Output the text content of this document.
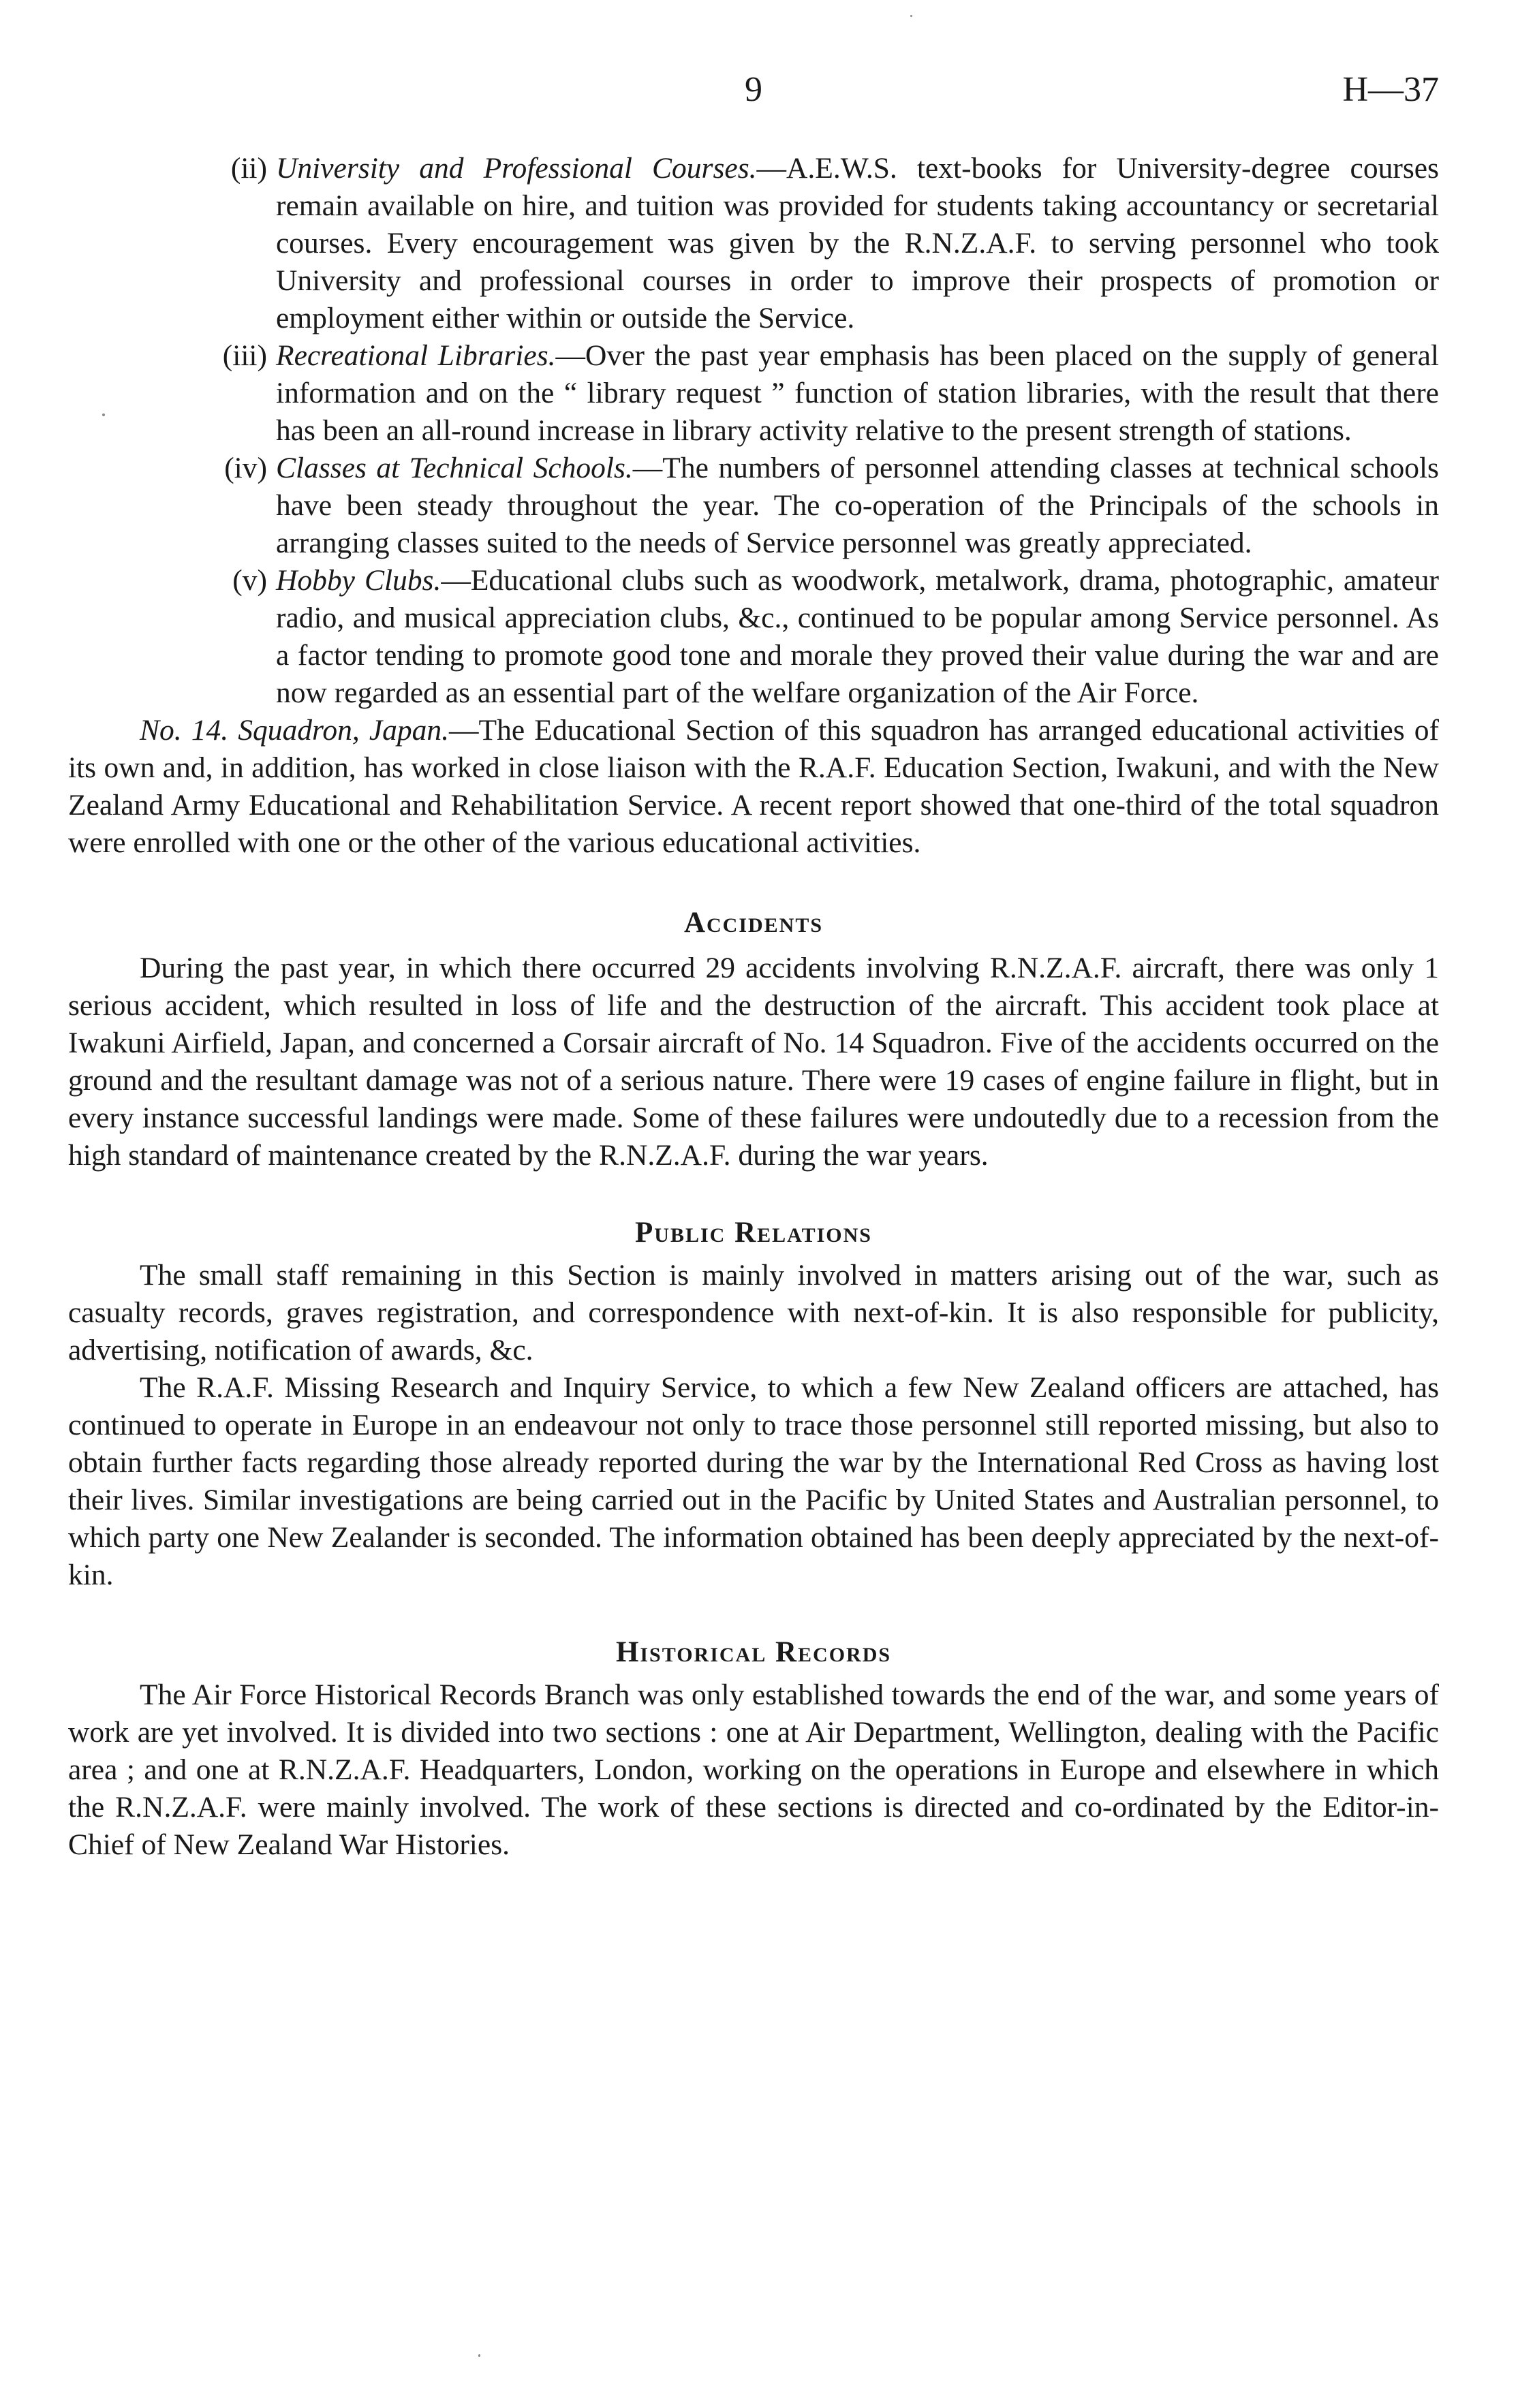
9	H—37

(ii) University and Professional Courses.—A.E.W.S. text-books for University-degree courses remain available on hire, and tuition was provided for students taking accountancy or secretarial courses. Every encouragement was given by the R.N.Z.A.F. to serving personnel who took University and professional courses in order to improve their prospects of promotion or employment either within or outside the Service.

(iii) Recreational Libraries.—Over the past year emphasis has been placed on the supply of general information and on the “ library request ” function of station libraries, with the result that there has been an all-round increase in library activity relative to the present strength of stations.

(iv) Classes at Technical Schools.—The numbers of personnel attending classes at technical schools have been steady throughout the year. The co-operation of the Principals of the schools in arranging classes suited to the needs of Service personnel was greatly appreciated.

(v) Hobby Clubs.—Educational clubs such as woodwork, metalwork, drama, photographic, amateur radio, and musical appreciation clubs, &c., continued to be popular among Service personnel. As a factor tending to promote good tone and morale they proved their value during the war and are now regarded as an essential part of the welfare organization of the Air Force.

No. 14. Squadron, Japan.—The Educational Section of this squadron has arranged educational activities of its own and, in addition, has worked in close liaison with the R.A.F. Education Section, Iwakuni, and with the New Zealand Army Educational and Rehabilitation Service. A recent report showed that one-third of the total squadron were enrolled with one or the other of the various educational activities.

Accidents

During the past year, in which there occurred 29 accidents involving R.N.Z.A.F. aircraft, there was only 1 serious accident, which resulted in loss of life and the destruction of the aircraft. This accident took place at Iwakuni Airfield, Japan, and concerned a Corsair aircraft of No. 14 Squadron. Five of the accidents occurred on the ground and the resultant damage was not of a serious nature. There were 19 cases of engine failure in flight, but in every instance successful landings were made. Some of these failures were undoutedly due to a recession from the high standard of maintenance created by the R.N.Z.A.F. during the war years.

Public Relations

The small staff remaining in this Section is mainly involved in matters arising out of the war, such as casualty records, graves registration, and correspondence with next-of-kin. It is also responsible for publicity, advertising, notification of awards, &c.

The R.A.F. Missing Research and Inquiry Service, to which a few New Zealand officers are attached, has continued to operate in Europe in an endeavour not only to trace those personnel still reported missing, but also to obtain further facts regarding those already reported during the war by the International Red Cross as having lost their lives. Similar investigations are being carried out in the Pacific by United States and Australian personnel, to which party one New Zealander is seconded. The information obtained has been deeply appreciated by the next-of-kin.

Historical Records

The Air Force Historical Records Branch was only established towards the end of the war, and some years of work are yet involved. It is divided into two sections : one at Air Department, Wellington, dealing with the Pacific area ; and one at R.N.Z.A.F. Headquarters, London, working on the operations in Europe and elsewhere in which the R.N.Z.A.F. were mainly involved. The work of these sections is directed and co-ordinated by the Editor-in-Chief of New Zealand War Histories.
